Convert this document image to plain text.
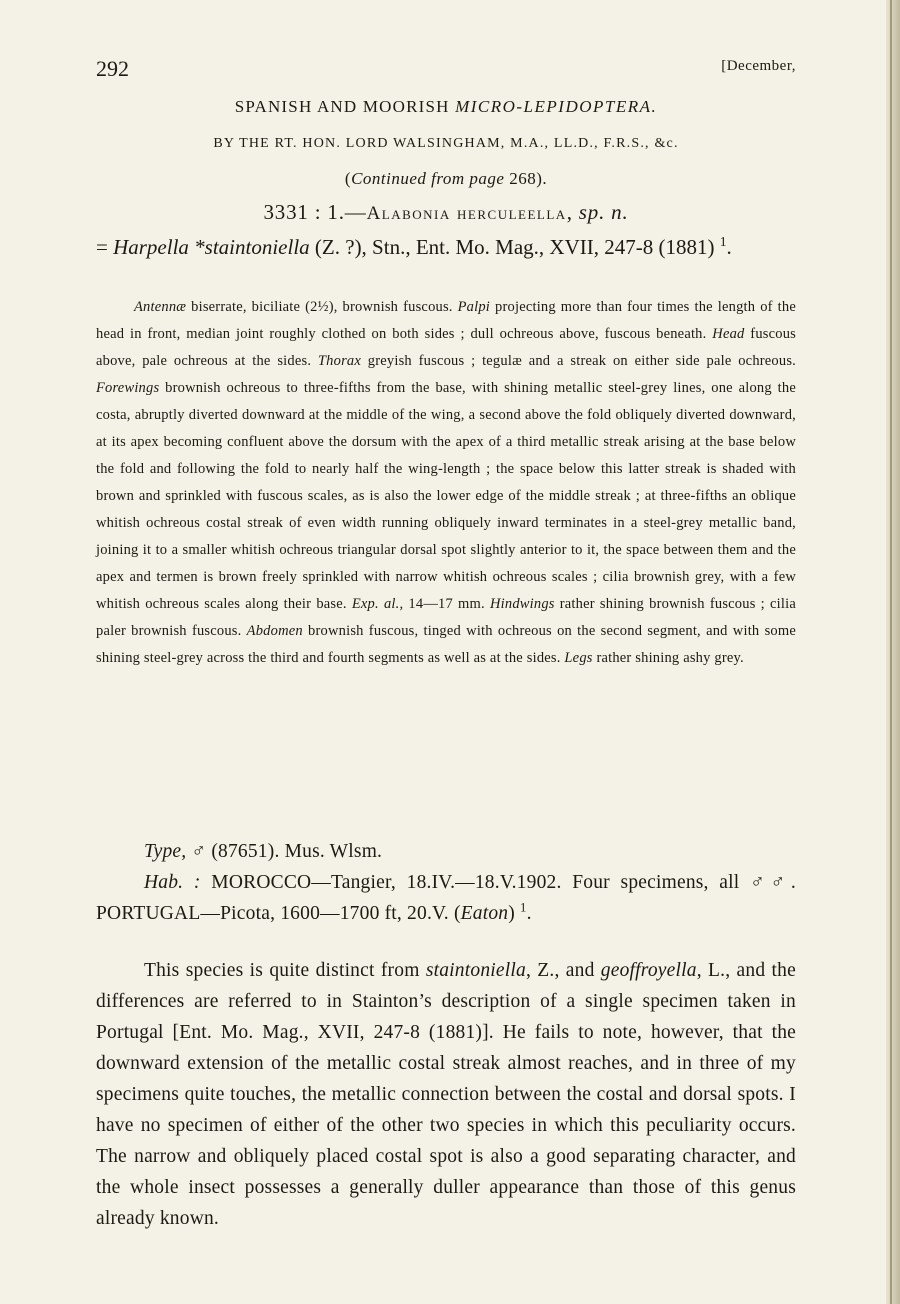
292	[December,
SPANISH AND MOORISH MICRO-LEPIDOPTERA.
BY THE RT. HON. LORD WALSINGHAM, M.A., LL.D., F.R.S., &c.
(Continued from page 268).
3331 : 1.—Alabonia herculeella, sp. n.
= Harpella *staintoniella (Z. ?), Stn., Ent. Mo. Mag., XVII, 247-8 (1881) $^1$.

Antennæ biserrate, biciliate (2½), brownish fuscous. Palpi projecting more than four times the length of the head in front, median joint roughly clothed on both sides ; dull ochreous above, fuscous beneath. Head fuscous above, pale ochreous at the sides. Thorax greyish fuscous ; tegulæ and a streak on either side pale ochreous. Forewings brownish ochreous to three-fifths from the base, with shining metallic steel-grey lines, one along the costa, abruptly diverted downward at the middle of the wing, a second above the fold obliquely diverted downward, at its apex becoming confluent above the dorsum with the apex of a third metallic streak arising at the base below the fold and following the fold to nearly half the wing-length ; the space below this latter streak is shaded with brown and sprinkled with fuscous scales, as is also the lower edge of the middle streak ; at three-fifths an oblique whitish ochreous costal streak of even width running obliquely inward terminates in a steel-grey metallic band, joining it to a smaller whitish ochreous triangular dorsal spot slightly anterior to it, the space between them and the apex and termen is brown freely sprinkled with narrow whitish ochreous scales ; cilia brownish grey, with a few whitish ochreous scales along their base. Exp. al., 14—17 mm. Hindwings rather shining brownish fuscous ; cilia paler brownish fuscous. Abdomen brownish fuscous, tinged with ochreous on the second segment, and with some shining steel-grey across the third and fourth segments as well as at the sides. Legs rather shining ashy grey.

Type, ♂ (87651). Mus. Wlsm.

Hab. : MOROCCO—Tangier, 18.IV.—18.V.1902. Four specimens, all ♂♂. PORTUGAL—Picota, 1600—1700 ft, 20.V. (Eaton) $^1$.

This species is quite distinct from staintoniella, Z., and geoffroyella, L., and the differences are referred to in Stainton’s description of a single specimen taken in Portugal [Ent. Mo. Mag., XVII, 247-8 (1881)]. He fails to note, however, that the downward extension of the metallic costal streak almost reaches, and in three of my specimens quite touches, the metallic connection between the costal and dorsal spots. I have no specimen of either of the other two species in which this peculiarity occurs. The narrow and obliquely placed costal spot is also a good separating character, and the whole insect possesses a generally duller appearance than those of this genus already known.
